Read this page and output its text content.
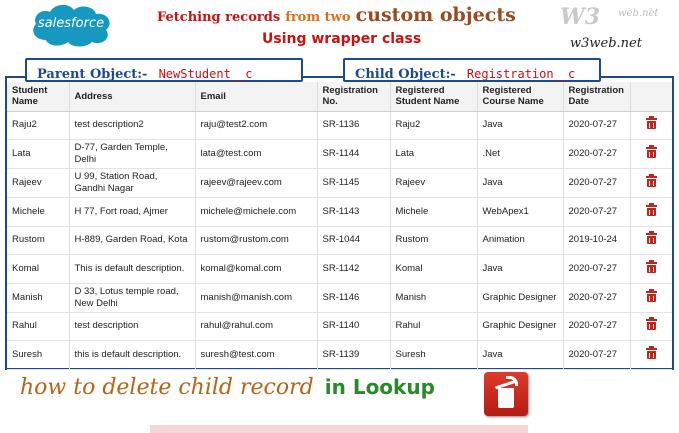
salesforce	Fetching records from two custom objects
Using wrapper class
W3 web.net
w3web.net
Student Name	Address	Email	Registration No.	Registered Student Name	Registered Course Name	Registration Date	
Raju2	test description2	raju@test2.com	SR-1136	Raju2	Java	2020-07-27	

Lata	D-77, Garden Temple, Delhi	lata@test.com	SR-1144	Lata	.Net	2020-07-27	

Rajeev	U 99, Station Road, Gandhi Nagar	rajeev@rajeev.com	SR-1145	Rajeev	Java	2020-07-27	

Michele	H 77, Fort road, Ajmer	michele@michele.com	SR-1143	Michele	WebApex1	2020-07-27	

Rustom	H-889, Garden Road, Kota	rustom@rustom.com	SR-1044	Rustom	Animation	2019-10-24	

Komal	This is default description.	komal@komal.com	SR-1142	Komal	Java	2020-07-27	

Manish	D 33, Lotus temple road, New Delhi	manish@manish.com	SR-1146	Manish	Graphic Designer	2020-07-27	

Rahul	test description	rahul@rahul.com	SR-1140	Rahul	Graphic Designer	2020-07-27	

Suresh	this is default description.	suresh@test.com	SR-1139	Suresh	Java	2020-07-27	
Parent Object:- NewStudent__c	Child Object:- Registration__c
how to delete child record in Lookup
